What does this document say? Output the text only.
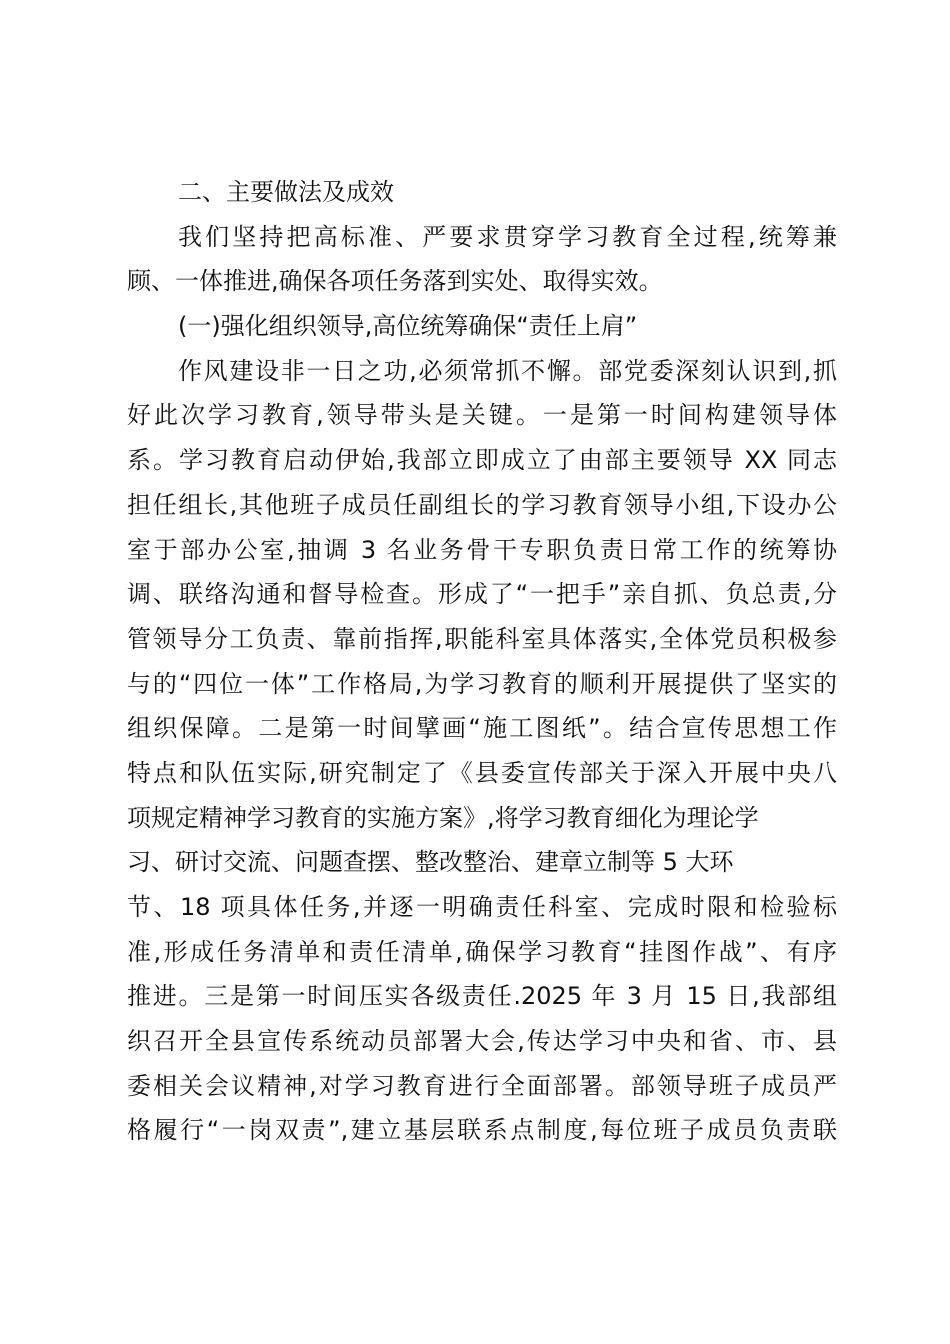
二、主要做法及成效
我们坚持把高标准、严要求贯穿学习教育全过程,统筹兼
顾、一体推进,确保各项任务落到实处、取得实效。
(一)强化组织领导,高位统筹确保“责任上肩”
作风建设非一日之功,必须常抓不懈。部党委深刻认识到,抓
好此次学习教育,领导带头是关键。一是第一时间构建领导体
系。学习教育启动伊始,我部立即成立了由部主要领导 XX 同志
担任组长,其他班子成员任副组长的学习教育领导小组,下设办公
室于部办公室,抽调 3 名业务骨干专职负责日常工作的统筹协
调、联络沟通和督导检查。形成了“一把手”亲自抓、负总责,分
管领导分工负责、靠前指挥,职能科室具体落实,全体党员积极参
与的“四位一体”工作格局,为学习教育的顺利开展提供了坚实的
组织保障。二是第一时间擘画“施工图纸”。结合宣传思想工作
特点和队伍实际,研究制定了《县委宣传部关于深入开展中央八
项规定精神学习教育的实施方案》,将学习教育细化为理论学
习、研讨交流、问题查摆、整改整治、建章立制等 5 大环
节、18 项具体任务,并逐一明确责任科室、完成时限和检验标
准,形成任务清单和责任清单,确保学习教育“挂图作战”、有序
推进。三是第一时间压实各级责任.2025 年 3 月 15 日,我部组
织召开全县宣传系统动员部署大会,传达学习中央和省、市、县
委相关会议精神,对学习教育进行全面部署。部领导班子成员严
格履行“一岗双责”,建立基层联系点制度,每位班子成员负责联
